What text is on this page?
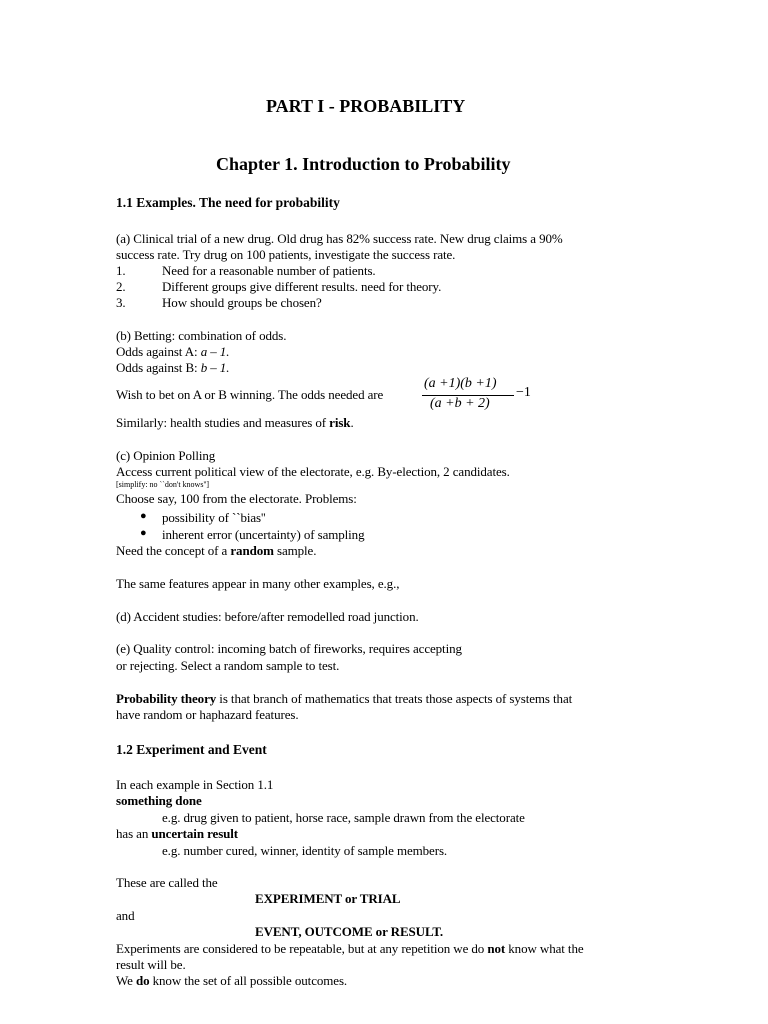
PART I - PROBABILITY
Chapter 1. Introduction to Probability
1.1 Examples. The need for probability
(a) Clinical trial of a new drug. Old drug has 82% success rate. New drug claims a 90%
success rate. Try drug on 100 patients, investigate the success rate.
1.	Need for a reasonable number of patients.
2.	Different groups give different results. need for theory.
3.	How should groups be chosen?
(b) Betting: combination of odds.
Odds against A: a – 1.
Odds against B: b – 1.
Wish to bet on A or B winning. The odds needed are
(a +1)(b +1)
(a +b + 2)
−1
Similarly: health studies and measures of risk.
(c) Opinion Polling
Access current political view of the electorate, e.g. By-election, 2 candidates.
[simplify: no ``don't knows'']
Choose say, 100 from the electorate. Problems:
● possibility of ``bias''
● inherent error (uncertainty) of sampling
Need the concept of a random sample.
The same features appear in many other examples, e.g.,
(d) Accident studies: before/after remodelled road junction.
(e) Quality control: incoming batch of fireworks, requires accepting
or rejecting. Select a random sample to test.
Probability theory is that branch of mathematics that treats those aspects of systems that
have random or haphazard features.
1.2 Experiment and Event
In each example in Section 1.1
something done
e.g. drug given to patient, horse race, sample drawn from the electorate
has an uncertain result
e.g. number cured, winner, identity of sample members.
These are called the
EXPERIMENT or TRIAL
and
EVENT, OUTCOME or RESULT.
Experiments are considered to be repeatable, but at any repetition we do not know what the
result will be.
We do know the set of all possible outcomes.
